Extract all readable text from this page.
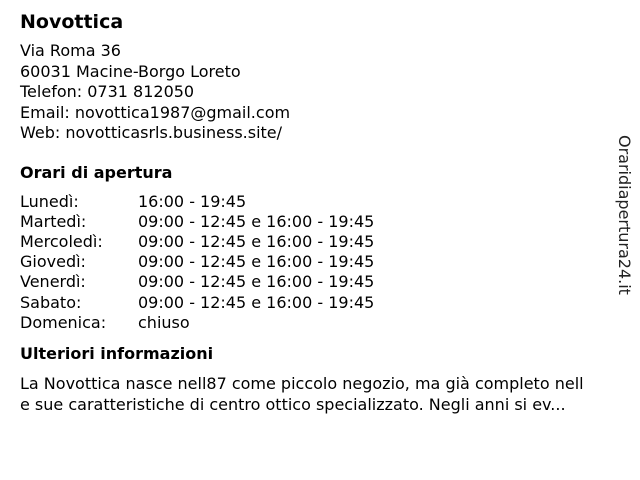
Novottica
Via Roma 36
60031 Macine-Borgo Loreto
Telefon: 0731 812050
Email: novottica1987@gmail.com
Web: novotticasrls.business.site/
Orari di apertura
Lunedì:	16:00 - 19:45
Martedì:	09:00 - 12:45 e 16:00 - 19:45
Mercoledì:	09:00 - 12:45 e 16:00 - 19:45
Giovedì:	09:00 - 12:45 e 16:00 - 19:45
Venerdì:	09:00 - 12:45 e 16:00 - 19:45
Sabato:	09:00 - 12:45 e 16:00 - 19:45
Domenica:	chiuso
Ulteriori informazioni
La Novottica nasce nell87 come piccolo negozio, ma già completo nell
e sue caratteristiche di centro ottico specializzato. Negli anni si ev...
Oraridiapertura24.it
